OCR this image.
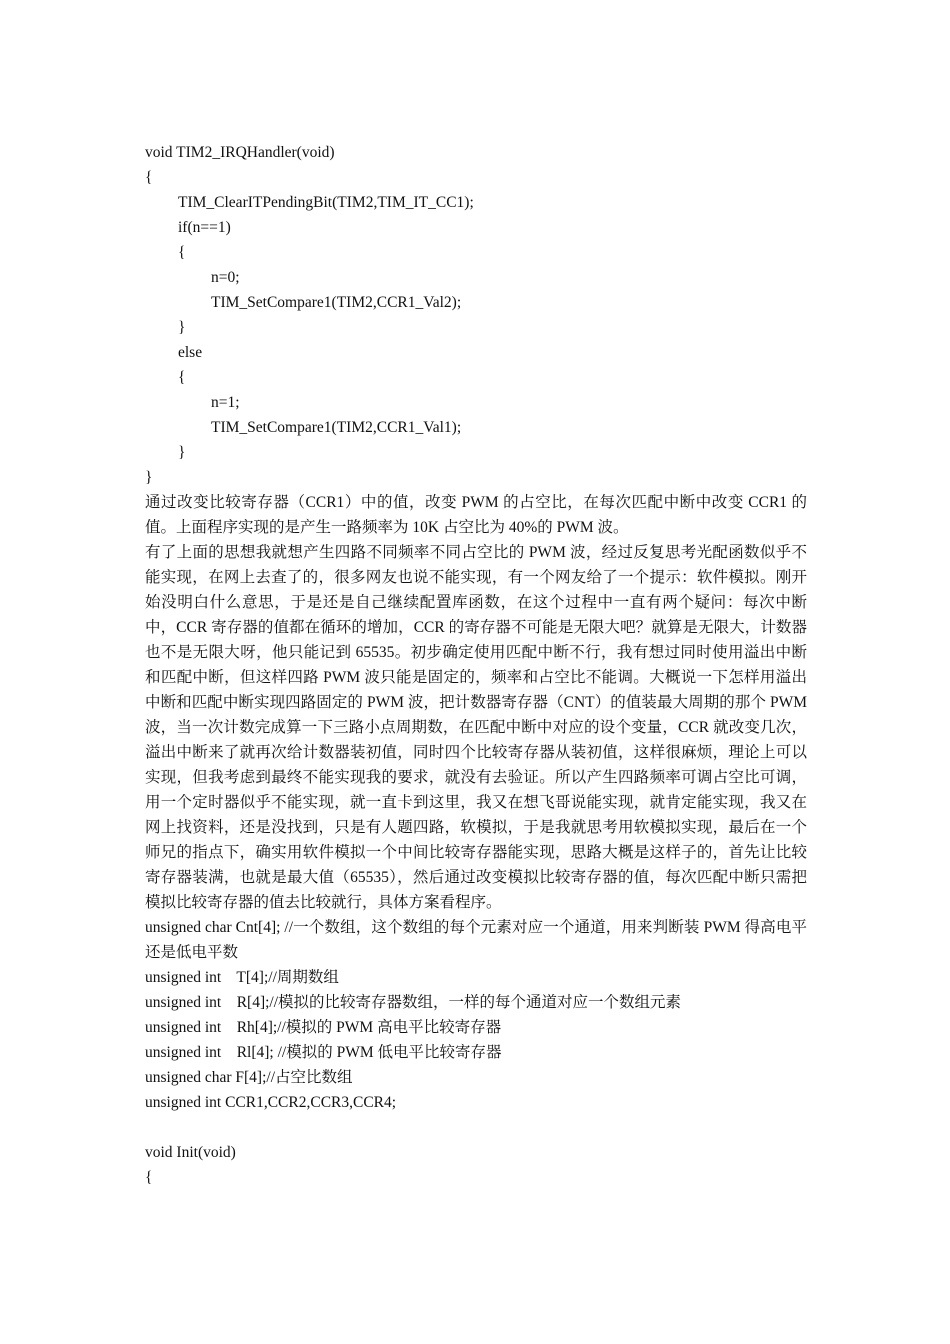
void TIM2_IRQHandler(void)
{
TIM_ClearITPendingBit(TIM2,TIM_IT_CC1);
if(n==1)
{
n=0;
TIM_SetCompare1(TIM2,CCR1_Val2);
}
else
{
n=1;
TIM_SetCompare1(TIM2,CCR1_Val1);
}
}

通过改变比较寄存器（CCR1）中的值，改变 PWM 的占空比，在每次匹配中断中改变 CCR1 的值。上面程序实现的是产生一路频率为 10K 占空比为 40%的 PWM 波。

有了上面的思想我就想产生四路不同频率不同占空比的 PWM 波，经过反复思考光配函数似乎不能实现，在网上去查了的，很多网友也说不能实现，有一个网友给了一个提示：软件模拟。刚开始没明白什么意思，于是还是自己继续配置库函数，在这个过程中一直有两个疑问：每次中断中，CCR 寄存器的值都在循环的增加，CCR 的寄存器不可能是无限大吧？就算是无限大，计数器也不是无限大呀，他只能记到 65535。初步确定使用匹配中断不行，我有想过同时使用溢出中断和匹配中断，但这样四路 PWM 波只能是固定的，频率和占空比不能调。大概说一下怎样用溢出中断和匹配中断实现四路固定的 PWM 波，把计数器寄存器（CNT）的值装最大周期的那个 PWM 波，当一次计数完成算一下三路小点周期数，在匹配中断中对应的设个变量，CCR 就改变几次，溢出中断来了就再次给计数器装初值，同时四个比较寄存器从装初值，这样很麻烦，理论上可以实现，但我考虑到最终不能实现我的要求，就没有去验证。所以产生四路频率可调占空比可调，用一个定时器似乎不能实现，就一直卡到这里，我又在想飞哥说能实现，就肯定能实现，我又在网上找资料，还是没找到，只是有人题四路，软模拟，于是我就思考用软模拟实现，最后在一个师兄的指点下，确实用软件模拟一个中间比较寄存器能实现，思路大概是这样子的，首先让比较寄存器装满，也就是最大值（65535），然后通过改变模拟比较寄存器的值，每次匹配中断只需把模拟比较寄存器的值去比较就行，具体方案看程序。

unsigned char Cnt[4]; //一个数组，这个数组的每个元素对应一个通道，用来判断装 PWM 得高电平还是低电平数

unsigned int    T[4];//周期数组
unsigned int    R[4];//模拟的比较寄存器数组，一样的每个通道对应一个数组元素
unsigned int    Rh[4];//模拟的 PWM 高电平比较寄存器
unsigned int    Rl[4]; //模拟的 PWM 低电平比较寄存器
unsigned char F[4];//占空比数组
unsigned int CCR1,CCR2,CCR3,CCR4;
void Init(void)
{
